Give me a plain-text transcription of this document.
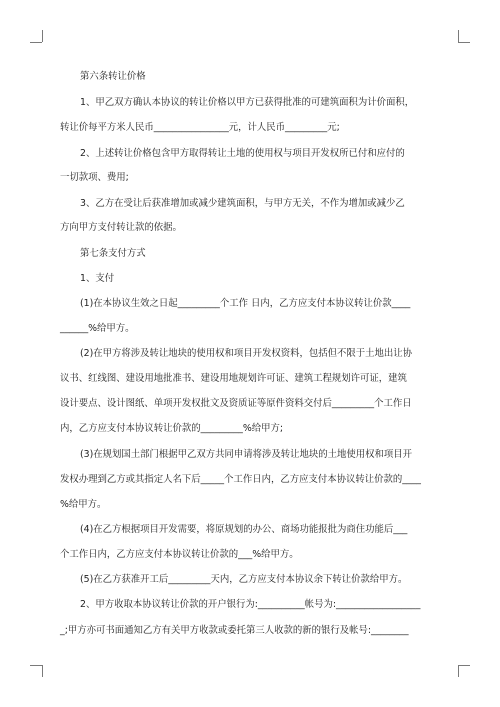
第六条转让价格
1、甲乙双方确认本协议的转让价格以甲方已获得批准的可建筑面积为计价面积，
转让价每平方米人民币________________元，计人民币_________元;
2、上述转让价格包含甲方取得转让土地的使用权与项目开发权所已付和应付的
一切款项、费用;
3、乙方在受让后获准增加或减少建筑面积，与甲方无关，不作为增加或减少乙
方向甲方支付转让款的依据。
第七条支付方式
1、支付
(1)在本协议生效之日起_________个工作 日内，乙方应支付本协议转让价款____
______%给甲方。
(2)在甲方将涉及转让地块的使用权和项目开发权资料，包括但不限于土地出让协
议书、红线图、建设用地批准书、建设用地规划许可证、建筑工程规划许可证，建筑
设计要点、设计图纸、单项开发权批文及资质证等原件资料交付后_________个工作日
内，乙方应支付本协议转让价款的_________%给甲方;
(3)在规划国土部门根据甲乙双方共同申请将涉及转让地块的土地使用权和项目开
发权办理到乙方或其指定人名下后_____个工作日内，乙方应支付本协议转让价款的____
%给甲方。
(4)在乙方根据项目开发需要，将原规划的办公、商场功能报批为商住功能后___
个工作日内，乙方应支付本协议转让价款的___%给甲方。
(5)在乙方获准开工后_________天内，乙方应支付本协议余下转让价款给甲方。
2、甲方收取本协议转让价款的开户银行为:__________帐号为:__________________
_;甲方亦可书面通知乙方有关甲方收款或委托第三人收款的新的银行及帐号:________
